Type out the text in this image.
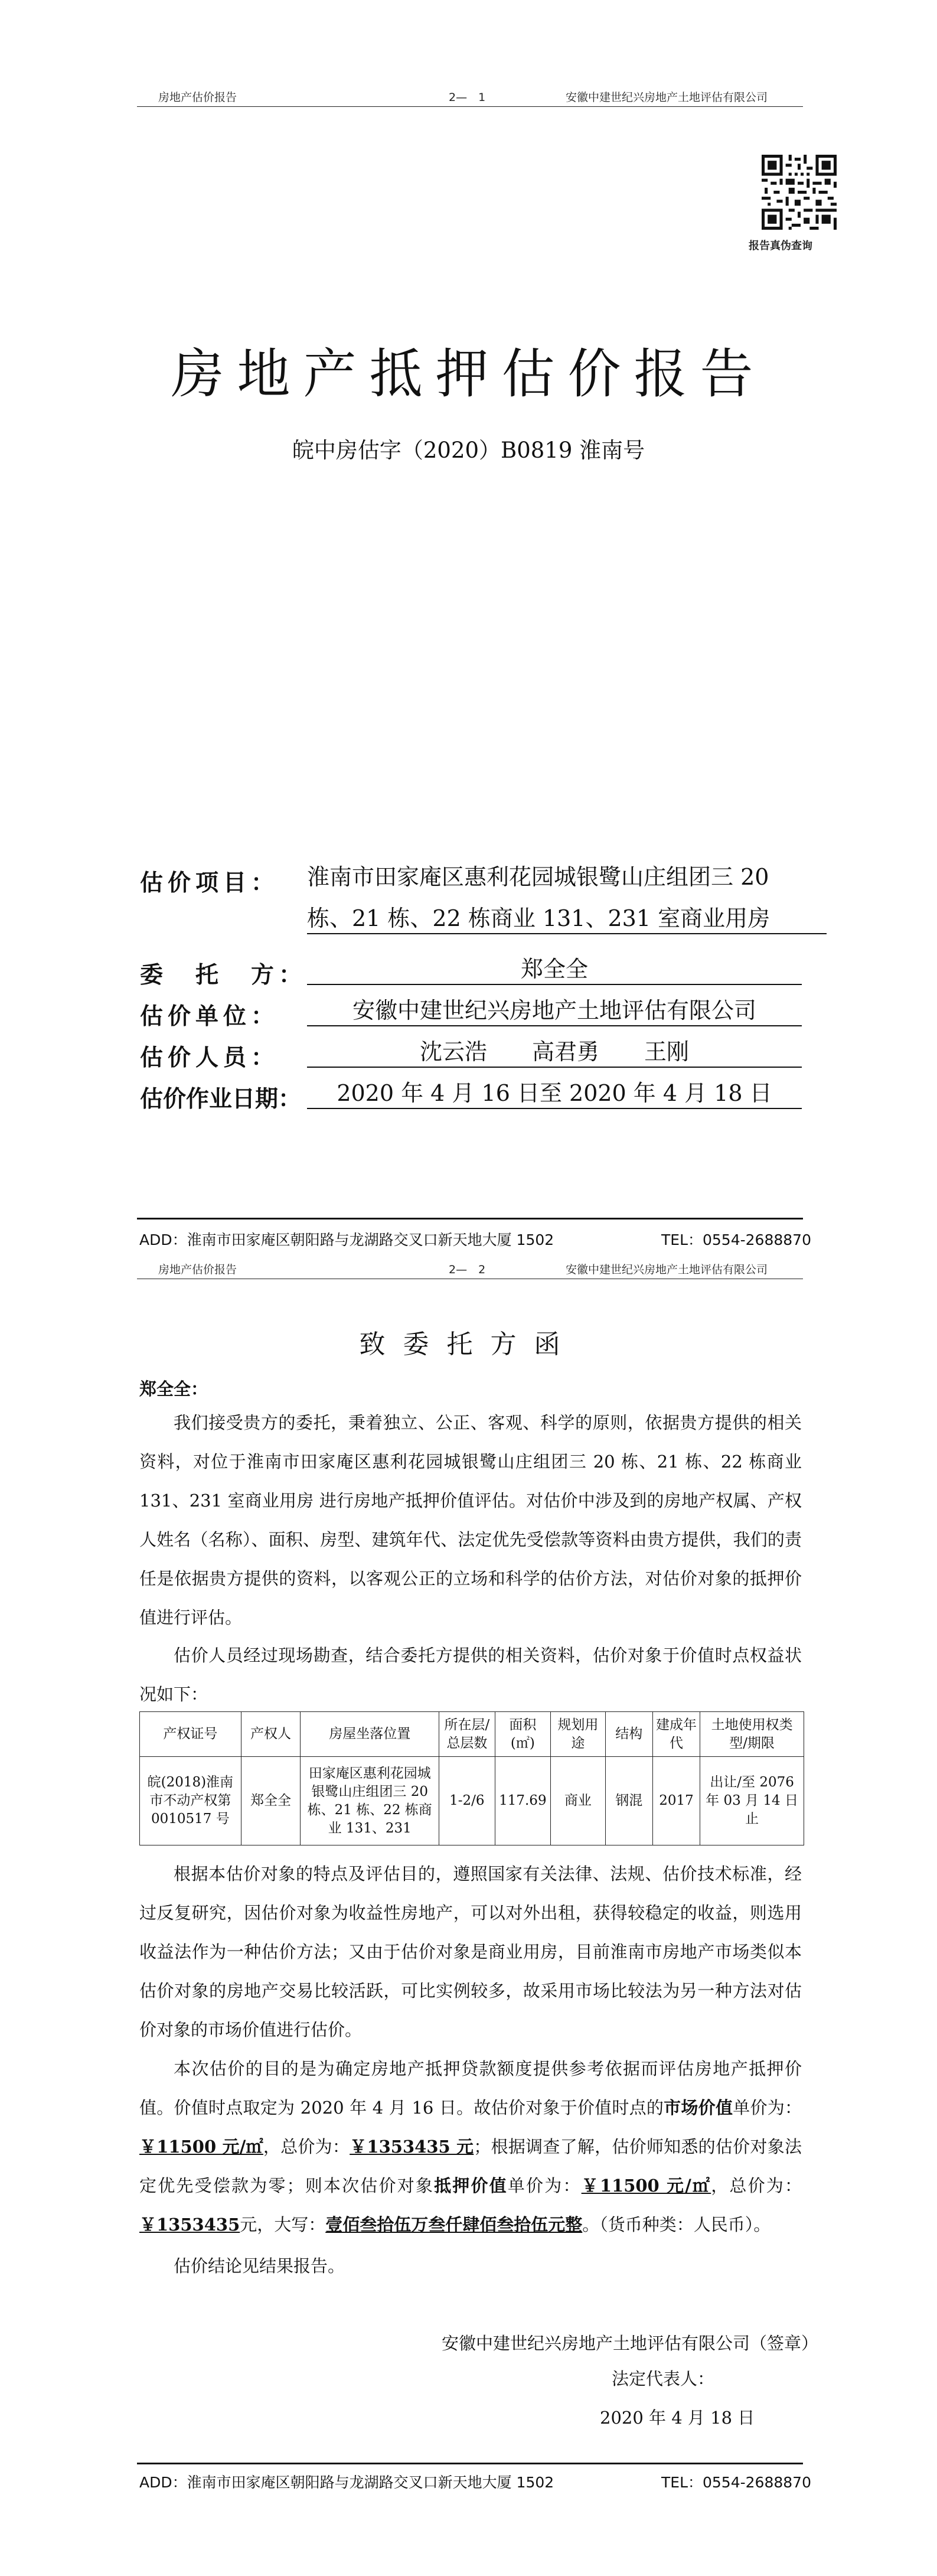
房地产估价报告	2—　1	安徽中建世纪兴房地产土地评估有限公司
报告真伪查询
房地产抵押估价报告
皖中房估字（2020）B0819 淮南号
估价项目： 淮南市田家庵区惠利花园城银鹭山庄组团三 20
栋、21 栋、22 栋商业 131、231 室商业用房
委　托　方：	郑全全
估价单位：	安徽中建世纪兴房地产土地评估有限公司
估价人员：	沈云浩　　高君勇　　王刚
估价作业日期：	2020 年 4 月 16 日至 2020 年 4 月 18 日
ADD：淮南市田家庵区朝阳路与龙湖路交叉口新天地大厦 1502	TEL：0554-2688870
房地产估价报告	2—　2	安徽中建世纪兴房地产土地评估有限公司
致委托方函
郑全全：
我们接受贵方的委托，秉着独立、公正、客观、科学的原则，依据贵方提供的相关资料，对位于淮南市田家庵区惠利花园城银鹭山庄组团三 20 栋、21 栋、22 栋商业 131、231 室商业用房 进行房地产抵押价值评估。对估价中涉及到的房地产权属、产权人姓名（名称）、面积、房型、建筑年代、法定优先受偿款等资料由贵方提供，我们的责任是依据贵方提供的资料，以客观公正的立场和科学的估价方法，对估价对象的抵押价值进行评估。
估价人员经过现场勘查，结合委托方提供的相关资料，估价对象于价值时点权益状况如下：
产权证号	产权人	房屋坐落位置	所在层/总层数	面积(㎡)	规划用途	结构	建成年代	土地使用权类型/期限
皖(2018)淮南市不动产权第0010517 号	郑全全	田家庵区惠利花园城银鹭山庄组团三 20 栋、21 栋、22 栋商业 131、231	1-2/6	117.69	商业	钢混	2017	出让/至 2076 年 03 月 14 日止
根据本估价对象的特点及评估目的，遵照国家有关法律、法规、估价技术标准，经过反复研究，因估价对象为收益性房地产，可以对外出租，获得较稳定的收益，则选用收益法作为一种估价方法；又由于估价对象是商业用房，目前淮南市房地产市场类似本估价对象的房地产交易比较活跃，可比实例较多，故采用市场比较法为另一种方法对估价对象的市场价值进行估价。
本次估价的目的是为确定房地产抵押贷款额度提供参考依据而评估房地产抵押价值。价值时点取定为 2020 年 4 月 16 日。故估价对象于价值时点的市场价值单价为：￥11500 元/㎡，总价为：￥1353435 元；根据调查了解，估价师知悉的估价对象法定优先受偿款为零；则本次估价对象抵押价值单价为：￥11500 元/㎡，总价为：￥1353435元，大写：壹佰叁拾伍万叁仟肆佰叁拾伍元整。（货币种类：人民币）。
估价结论见结果报告。
安徽中建世纪兴房地产土地评估有限公司（签章）
法定代表人：
2020 年 4 月 18 日
ADD：淮南市田家庵区朝阳路与龙湖路交叉口新天地大厦 1502	TEL：0554-2688870
